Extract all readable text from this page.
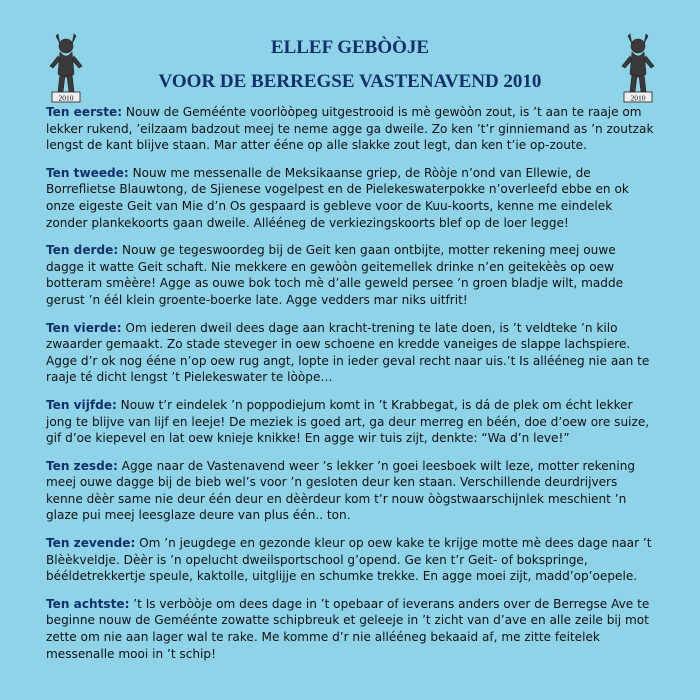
2010	2010
ELLEF GEBÒÒJE
VOOR DE BERREGSE VASTENAVEND 2010

Ten eerste: Nouw de Geméénte voorlòòpeg uitgestrooid is mè gewòòn zout, is ’t aan te raaje om lekker rukend, ’eilzaam badzout meej te neme agge ga dweile. Zo ken ’t’r ginniemand as ’n zoutzak lengst de kant blijve staan. Mar atter ééne op alle slakke zout legt, dan ken t’ie op-zoute.

Ten tweede: Nouw me messenalle de Meksikaanse griep, de Ròòje n’ond van Ellewie, de Borreflietse Blauwtong, de Sjienese vogelpest en de Pielekeswaterpokke n’overleefd ebbe en ok onze eigeste Geit van Mie d’n Os gespaard is gebleve voor de Kuu-koorts, kenne me eindelek zonder plankekoorts gaan dweile. Allééneg de verkiezingskoorts blef op de loer legge!

Ten derde: Nouw ge tegeswoordeg bij de Geit ken gaan ontbijte, motter rekening meej ouwe dagge it watte Geit schaft. Nie mekkere en gewòòn geitemellek drinke n’en geitekèès op oew botteram smèère! Agge as ouwe bok toch mè d’alle geweld persee ’n groen bladje wilt, madde gerust ’n éél klein groente-boerke late. Agge vedders mar niks uitfrit!

Ten vierde: Om iederen dweil dees dage aan kracht-trening te late doen, is ’t veldteke ’n kilo zwaarder gemaakt. Zo stade steveger in oew schoene en kredde vaneiges de slappe lachspiere. Agge d’r ok nog ééne n’op oew rug angt, lopte in ieder geval recht naar uis.’t Is allééneg nie aan te raaje té dicht lengst ’t Pielekeswater te lòòpe…

Ten vijfde: Nouw t’r eindelek ’n poppodiejum komt in ’t Krabbegat, is dá de plek om écht lekker jong te blijve van lijf en leeje! De meziek is goed art, ga deur merreg en béén, doe d’oew ore suize, gif d’oe kiepevel en lat oew knieje knikke! En agge wir tuis zijt, denkte: “Wa d’n leve!”

Ten zesde: Agge naar de Vastenavend weer ’s lekker ’n goei leesboek wilt leze, motter rekening meej ouwe dagge bij de bieb wel’s voor ’n gesloten deur ken staan. Verschillende deurdrijvers kenne dèèr same nie deur één deur en dèèrdeur kom t’r nouw òògstwaarschijnlek meschient ’n glaze pui meej leesglaze deure van plus één.. ton.

Ten zevende: Om ’n jeugdege en gezonde kleur op oew kake te krijge motte mè dees dage naar ’t Blèèkveldje. Dèèr is ’n opelucht dweilsportschool g’opend. Ge ken t’r Geit- of bokspringe, bééldetrekkertje speule, kaktolle, uitglijje en schumke trekke. En agge moei zijt, madd’op’oepele.

Ten achtste: ’t Is verbòòje om dees dage in ’t opebaar of ieverans anders over de Berregse Ave te beginne nouw de Geméénte zowatte schipbreuk et geleeje in ’t zicht van d’ave en alle zeile bij mot zette om nie aan lager wal te rake. Me komme d’r nie allééneg bekaaid af, me zitte feitelek messenalle mooi in ’t schip!
